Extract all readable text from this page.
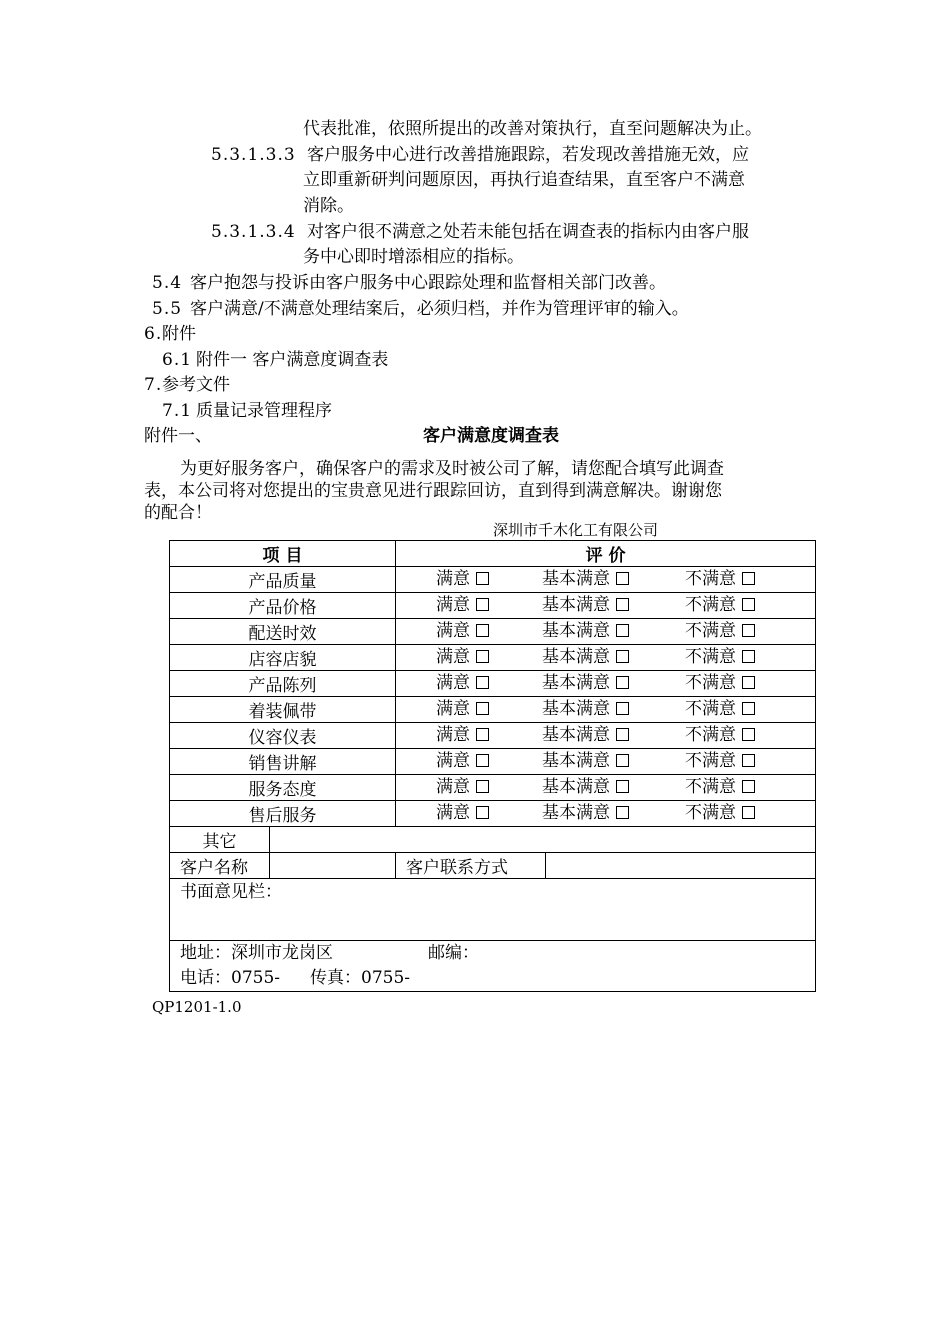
代表批准，依照所提出的改善对策执行，直至问题解决为止。
5.3.1.3.3 客户服务中心进行改善措施跟踪，若发现改善措施无效，应
立即重新研判问题原因，再执行追查结果，直至客户不满意
消除。
5.3.1.3.4 对客户很不满意之处若未能包括在调查表的指标内由客户服
务中心即时增添相应的指标。
5.4 客户抱怨与投诉由客户服务中心跟踪处理和监督相关部门改善。
5.5 客户满意/不满意处理结案后，必须归档，并作为管理评审的输入。
6. 附件
6.1 附件一 客户满意度调查表
7. 参考文件
7.1 质量记录管理程序
附件一、	客户满意度调查表
为更好服务客户，确保客户的需求及时被公司了解，请您配合填写此调查
表，本公司将对您提出的宝贵意见进行跟踪回访，直到得到满意解决。谢谢您
的配合！
深圳市千木化工有限公司
项 目		评 价	
产品质量		满意 基本满意 不满意	

产品价格		满意 基本满意 不满意	

配送时效		满意 基本满意 不满意	

店容店貌		满意 基本满意 不满意	

产品陈列		满意 基本满意 不满意	

着装佩带		满意 基本满意 不满意	

仪容仪表		满意 基本满意 不满意	

销售讲解		满意 基本满意 不满意	

服务态度		满意 基本满意 不满意	

售后服务		满意 基本满意 不满意	

其它			
客户名称		客户联系方式	
书面意见栏：			

地址：深圳市龙岗区 邮编：
电话：0755- 传真：0755-			
QP1201-1.0
